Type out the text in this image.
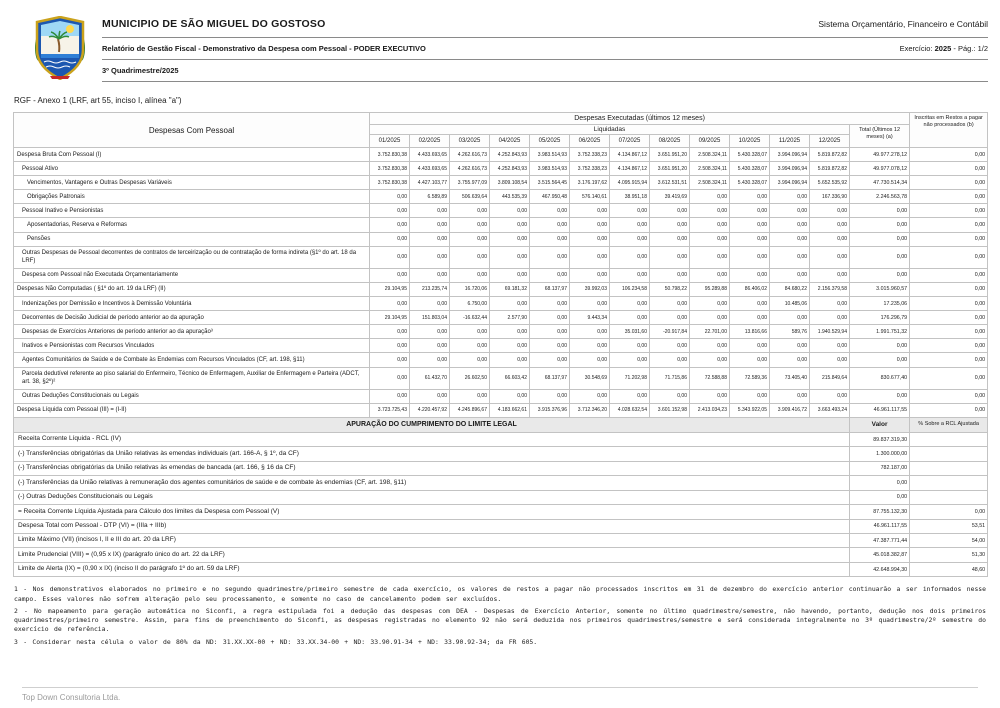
MUNICIPIO DE SÃO MIGUEL DO GOSTOSO	Sistema Orçamentário, Financeiro e Contábil
Relatório de Gestão Fiscal - Demonstrativo da Despesa com Pessoal - PODER EXECUTIVO	Exercício: 2025 - Pág.: 1/2
3º Quadrimestre/2025
RGF - Anexo 1 (LRF, art 55, inciso I, alínea "a")
Despesas Com Pessoal	Despesas Executadas (últimos 12 meses)													Inscritas em Restos a pagar não processados (b)
	Liquidadas												Total (Últimos 12 meses) (a)	
	01/2025	02/2025	03/2025	04/2025	05/2025	06/2025	07/2025	08/2025	09/2025	10/2025	11/2025	12/2025		
Despesa Bruta Com Pessoal (I)	3.752.830,38	4.433.693,65	4.262.616,73	4.252.843,93	3.983.514,93	3.752.338,23	4.134.867,12	3.651.951,20	2.508.324,11	5.430.328,07	3.994.096,94	5.819.872,82	49.977.278,12	0,00
Pessoal Ativo	3.752.830,38	4.433.693,65	4.262.616,73	4.252.843,93	3.983.514,93	3.752.338,23	4.134.867,12	3.651.951,20	2.508.324,11	5.430.328,07	3.994.096,94	5.819.872,82	49.977.078,12	0,00
Vencimentos, Vantagens e Outras Despesas Variáveis	3.752.830,38	4.427.103,77	3.755.977,09	3.809.108,54	3.515.564,45	3.176.197,62	4.095.915,94	3.612.531,51	2.508.324,11	5.430.328,07	3.994.096,94	5.652.535,92	47.730.514,34	0,00
Obrigações Patronais	0,00	6.589,89	506.639,64	443.535,39	467.950,48	576.140,61	38.951,18	39.419,69	0,00	0,00	0,00	167.336,90	2.246.563,78	0,00
Pessoal Inativo e Pensionistas	0,00	0,00	0,00	0,00	0,00	0,00	0,00	0,00	0,00	0,00	0,00	0,00	0,00	0,00
Aposentadorias, Reserva e Reformas	0,00	0,00	0,00	0,00	0,00	0,00	0,00	0,00	0,00	0,00	0,00	0,00	0,00	0,00
Pensões	0,00	0,00	0,00	0,00	0,00	0,00	0,00	0,00	0,00	0,00	0,00	0,00	0,00	0,00
Outras Despesas de Pessoal decorrentes de contratos de terceirização ou de contratação de forma indireta (§1º do art. 18 da LRF)	0,00	0,00	0,00	0,00	0,00	0,00	0,00	0,00	0,00	0,00	0,00	0,00	0,00	0,00
Despesa com Pessoal não Executada Orçamentariamente	0,00	0,00	0,00	0,00	0,00	0,00	0,00	0,00	0,00	0,00	0,00	0,00	0,00	0,00
Despesas Não Computadas ( §1º do art. 19 da LRF) (II)	29.104,95	213.235,74	16.720,06	69.181,32	68.137,97	39.992,03	106.234,58	50.798,22	95.289,88	86.406,02	84.680,22	2.156.379,58	3.015.960,57	0,00
Indenizações por Demissão e Incentivos à Demissão Voluntária	0,00	0,00	6.750,00	0,00	0,00	0,00	0,00	0,00	0,00	0,00	10.485,06	0,00	17.235,06	0,00
Decorrentes de Decisão Judicial de período anterior ao da apuração	29.104,95	151.803,04	-16.632,44	2.577,90	0,00	9.443,34	0,00	0,00	0,00	0,00	0,00	0,00	176.296,79	0,00
Despesas de Exercícios Anteriores de período anterior ao da apuração³	0,00	0,00	0,00	0,00	0,00	0,00	35.031,60	-20.917,84	22.701,00	13.816,66	589,76	1.940.529,94	1.991.751,32	0,00
Inativos e Pensionistas com Recursos Vinculados	0,00	0,00	0,00	0,00	0,00	0,00	0,00	0,00	0,00	0,00	0,00	0,00	0,00	0,00
Agentes Comunitários de Saúde e de Combate às Endemias com Recursos Vinculados (CF, art. 198, §11)	0,00	0,00	0,00	0,00	0,00	0,00	0,00	0,00	0,00	0,00	0,00	0,00	0,00	0,00
Parcela dedutível referente ao piso salarial do Enfermeiro, Técnico de Enfermagem, Auxiliar de Enfermagem e Parteira (ADCT, art. 38, §2º)²	0,00	61.432,70	26.602,50	66.603,42	68.137,97	30.548,69	71.202,98	71.715,86	72.588,88	72.589,36	73.405,40	215.849,64	830.677,40	0,00
Outras Deduções Constitucionais ou Legais	0,00	0,00	0,00	0,00	0,00	0,00	0,00	0,00	0,00	0,00	0,00	0,00	0,00	0,00
Despesa Líquida com Pessoal (III) = (I-II)	3.723.725,43	4.220.457,92	4.245.896,67	4.183.662,61	3.915.376,96	3.712.346,20	4.028.632,54	3.601.152,98	2.413.034,23	5.343.922,05	3.909.416,72	3.663.493,24	46.961.117,55	0,00
APURAÇÃO DO CUMPRIMENTO DO LIMITE LEGAL													Valor	% Sobre a RCL Ajustada
Receita Corrente Líquida - RCL (IV)													89.837.319,30	
(-) Transferências obrigatórias da União relativas às emendas individuais (art. 166-A, § 1º, da CF)													1.300.000,00	
(-) Transferências obrigatórias da União relativas às emendas de bancada (art. 166, § 16 da CF)													782.187,00	
(-) Transferências da União relativas à remuneração dos agentes comunitários de saúde e de combate às endemias (CF, art. 198, §11)													0,00	
(-) Outras Deduções Constitucionais ou Legais													0,00	
= Receita Corrente Líquida Ajustada para Cálculo dos limites da Despesa com Pessoal (V)													87.755.132,30	0,00
Despesa Total com Pessoal - DTP (VI) = (IIIa + IIIb)													46.961.117,55	53,51
Limite Máximo (VII) (incisos I, II e III do art. 20 da LRF)													47.387.771,44	54,00
Limite Prudencial (VIII) = (0,95 x IX) (parágrafo único do art. 22 da LRF)													45.018.382,87	51,30
Limite de Alerta (IX) = (0,90 x IX) (inciso II do parágrafo 1º do art. 59 da LRF)													42.648.994,30	48,60

1 - Nos demonstrativos elaborados no primeiro e no segundo quadrimestre/primeiro semestre de cada exercício, os valores de restos a pagar não processados inscritos em 31 de dezembro do exercício anterior continuarão a ser informados nesse campo. Esses valores não sofrem alteração pelo seu processamento, e somente no caso de cancelamento podem ser excluídos.

2 - No mapeamento para geração automática no Siconfi, a regra estipulada foi a dedução das despesas com DEA - Despesas de Exercício Anterior, somente no último quadrimestre/semestre, não havendo, portanto, dedução nos dois primeiros quadrimestres/primeiro semestre. Assim, para fins de preenchimento do Siconfi, as despesas registradas no elemento 92 não será deduzida nos primeiros quadrimestres/semestre e será considerada integralmente no 3º quadrimestre/2º semestre do exercício de referência.

3 - Considerar nesta célula o valor de 80% da ND: 31.XX.XX-00 + ND: 33.XX.34-00 + ND: 33.90.91-34 + ND: 33.90.92-34; da FR 605.

Top Down Consultoria Ltda.
